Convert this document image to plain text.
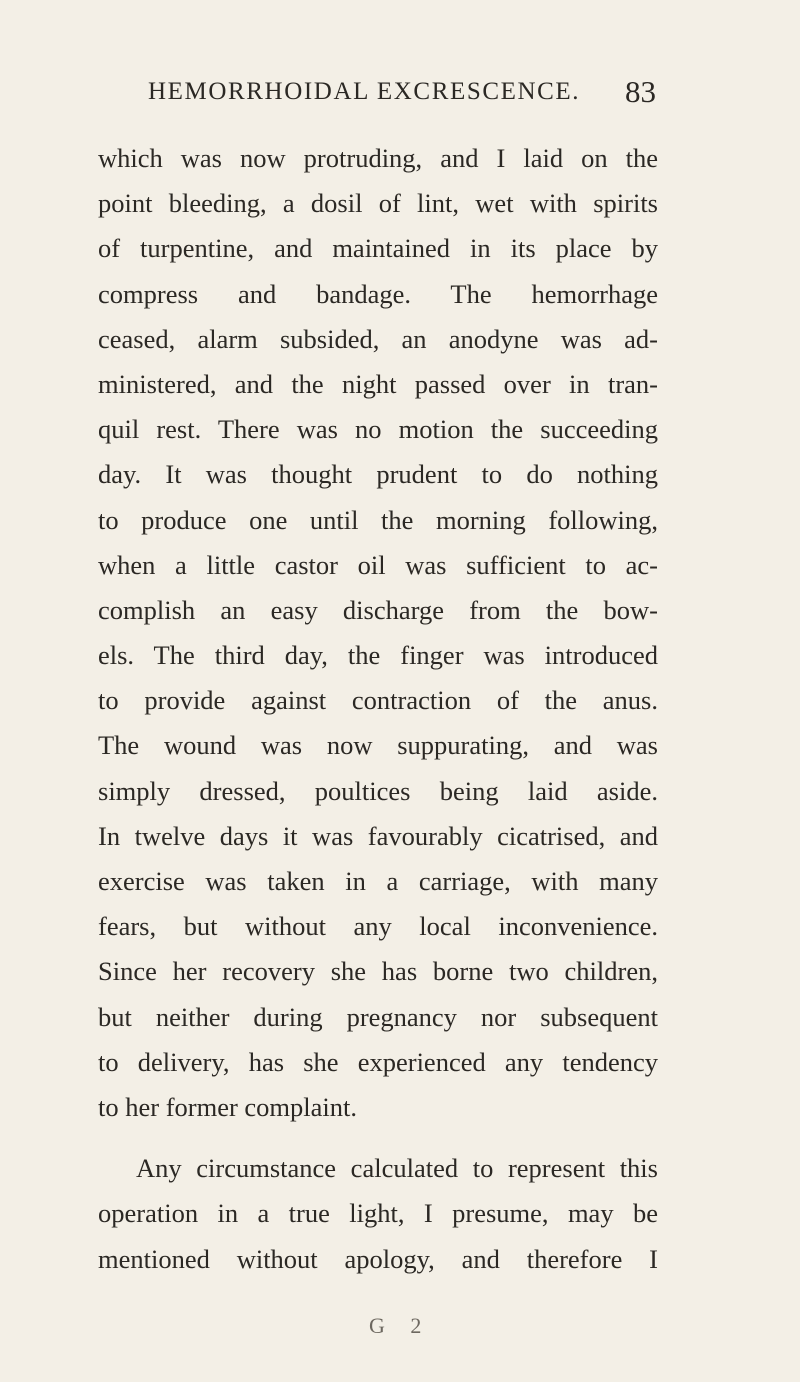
HEMORRHOIDAL EXCRESCENCE. 83
which was now protruding, and I laid on the
point bleeding, a dosil of lint, wet with spirits
of turpentine, and maintained in its place by
compress and bandage. The hemorrhage
ceased, alarm subsided, an anodyne was ad-
ministered, and the night passed over in tran-
quil rest. There was no motion the succeeding
day. It was thought prudent to do nothing
to produce one until the morning following,
when a little castor oil was sufficient to ac-
complish an easy discharge from the bow-
els. The third day, the finger was introduced
to provide against contraction of the anus.
The wound was now suppurating, and was
simply dressed, poultices being laid aside.
In twelve days it was favourably cicatrised, and
exercise was taken in a carriage, with many
fears, but without any local inconvenience.
Since her recovery she has borne two children,
but neither during pregnancy nor subsequent
to delivery, has she experienced any tendency
to her former complaint.
Any circumstance calculated to represent this
operation in a true light, I presume, may be
mentioned without apology, and therefore I
G 2
